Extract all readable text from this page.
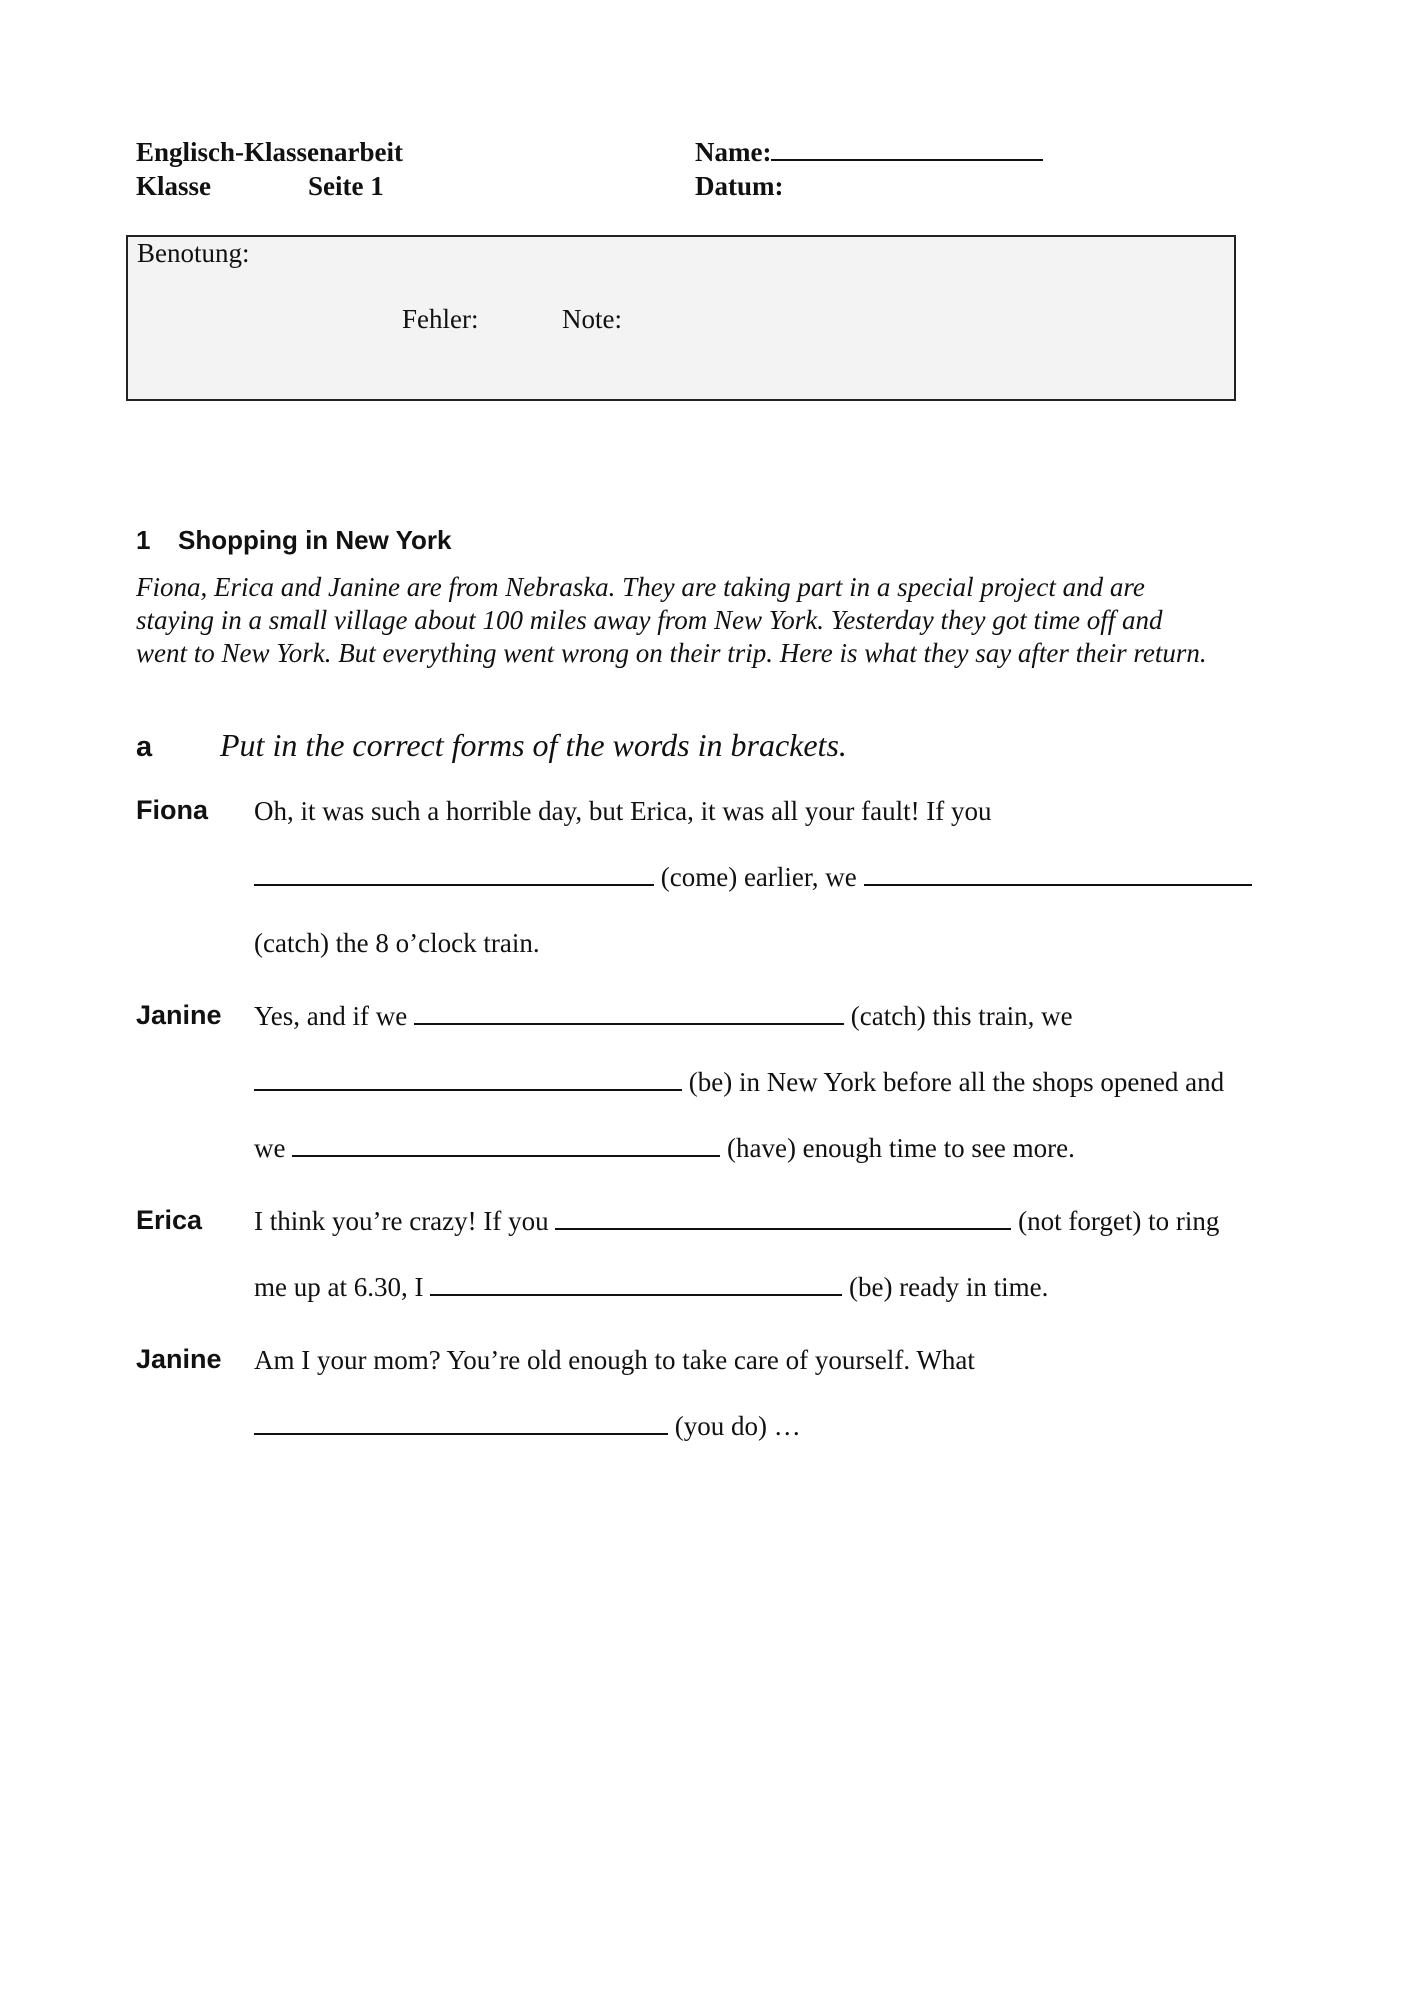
Englisch-Klassenarbeit
Klasse	Seite 1
Name:
Datum:
Benotung:
Fehler:	Note:
1 Shopping in New York
Fiona, Erica and Janine are from Nebraska. They are taking part in a special project and are
staying in a small village about 100 miles away from New York. Yesterday they got time off and
went to New York. But everything went wrong on their trip. Here is what they say after their return.
a Put in the correct forms of the words in brackets.
Fiona Oh, it was such a horrible day, but Erica, it was all your fault! If you
(come) earlier, we
(catch) the 8 o’clock train.
Janine Yes, and if we	(catch) this train, we
(be) in New York before all the shops opened and
we	(have) enough time to see more.
Erica I think you’re crazy! If you	(not forget) to ring
me up at 6.30, I	(be) ready in time.
Janine Am I your mom? You’re old enough to take care of yourself. What
(you do) …
